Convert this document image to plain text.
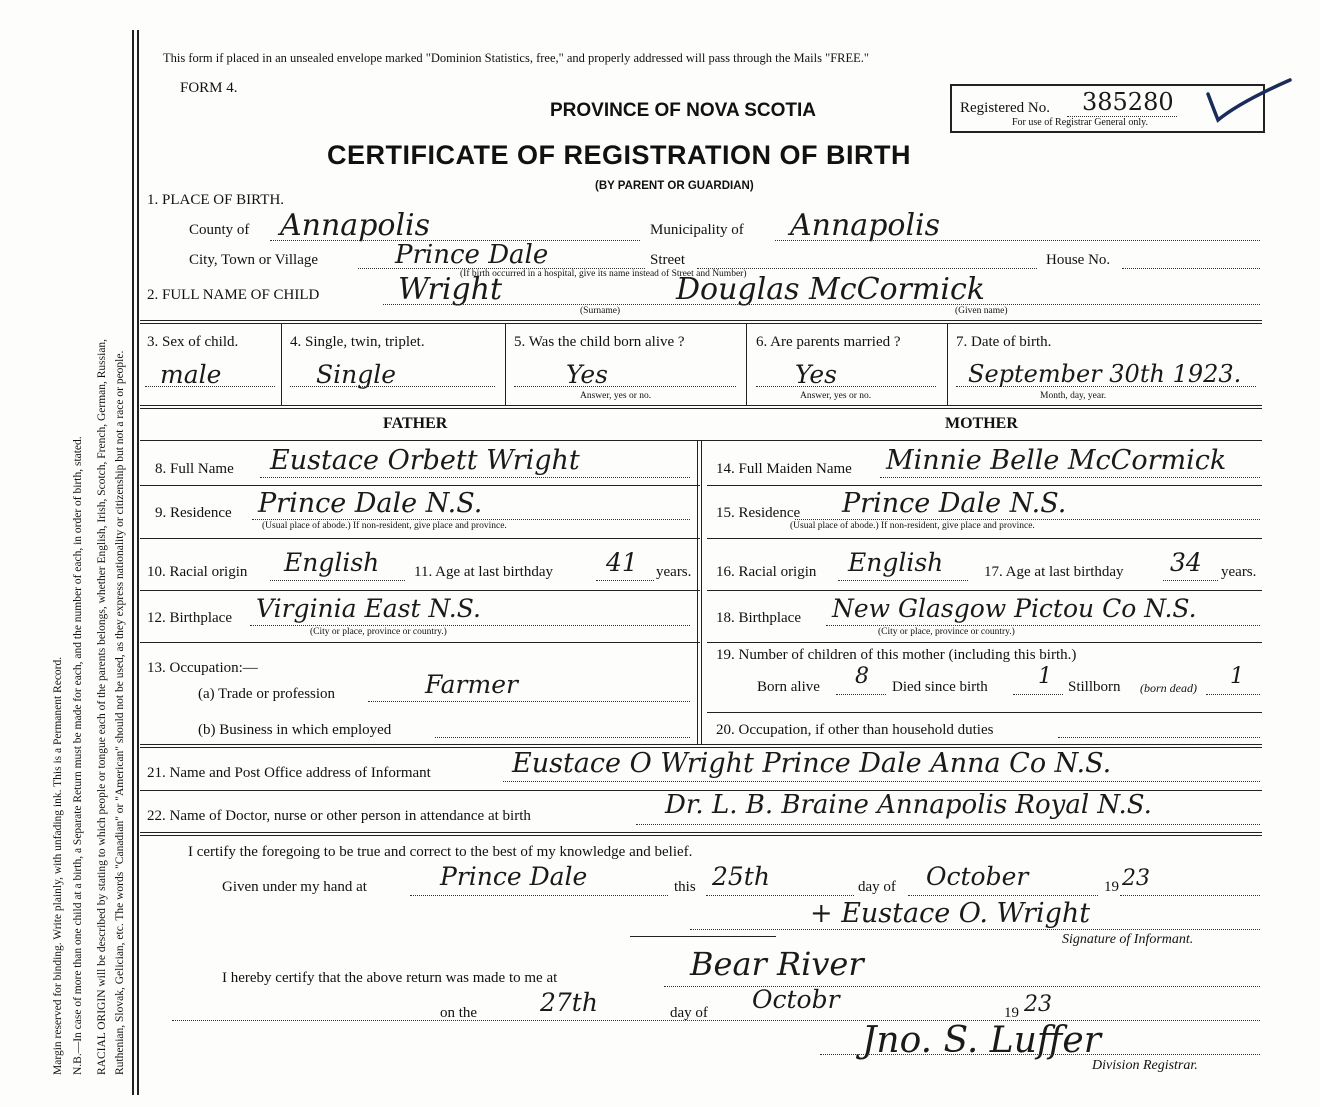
Margin reserved for binding. Write plainly, with unfading ink. This is a Permanent Record. N.B.—In case of more than one child at a birth, a Separate Return must be made for each, and the number of each, in order of birth, stated. RACIAL ORIGIN will be described by stating to which people or tongue each of the parents belongs, whether English, Irish, Scotch, French, German, Russian, Ruthenian, Slovak, Gelician, etc. The words "Canadian" or "American" should not be used, as they express nationality or citizenship but not a race or people.
This form if placed in an unsealed envelope marked "Dominion Statistics, free," and properly addressed will pass through the Mails "FREE."
FORM 4.
PROVINCE OF NOVA SCOTIA
CERTIFICATE OF REGISTRATION OF BIRTH
(BY PARENT OR GUARDIAN)
Registered No. 385280
For use of Registrar General only.
1. PLACE OF BIRTH.
County of Annapolis	Municipality of Annapolis
City, Town or Village	Prince Dale	Street	House No.
(If birth occurred in a hospital, give its name instead of Street and Number)
2. FULL NAME OF CHILD	Wright	Douglas McCormick
(Surname)	(Given name)
3. Sex of child.
male
4. Single, twin, triplet.
Single
5. Was the child born alive ?
Yes
Answer, yes or no.
6. Are parents married ?
Yes
Answer, yes or no.
7. Date of birth.
September 30th 1923.
Month, day, year.
FATHER	MOTHER
8. Full Name Eustace Orbett Wright	14. Full Maiden Name Minnie Belle McCormick
9. Residence Prince Dale N.S.
(Usual place of abode.) If non-resident, give place and province.
15. Residence Prince Dale N.S.
(Usual place of abode.) If non-resident, give place and province.
10. Racial origin English 11. Age at last birthday 41 years. 16. Racial origin English	17. Age at last birthday 34 years.
12. Birthplace Virginia East N.S.
(City or place, province or country.)
18. Birthplace New Glasgow Pictou Co N.S.
(City or place, province or country.)
13. Occupation:—
(a) Trade or profession	Farmer
(b) Business in which employed
19. Number of children of this mother (including this birth.)
Born alive 8 Died since birth 1 Stillborn (born dead) 1
20. Occupation, if other than household duties
21. Name and Post Office address of Informant	Eustace O Wright Prince Dale Anna Co N.S.
22. Name of Doctor, nurse or other person in attendance at birth	Dr. L. B. Braine Annapolis Royal N.S.
I certify the foregoing to be true and correct to the best of my knowledge and belief.
Given under my hand at	Prince Dale	this 25th	day of October	19 23
+ Eustace O. Wright
Signature of Informant.
I hereby certify that the above return was made to me at	Bear River
on the	27th	day of Octobr	19 23
Jno. S. Luffer
Division Registrar.
